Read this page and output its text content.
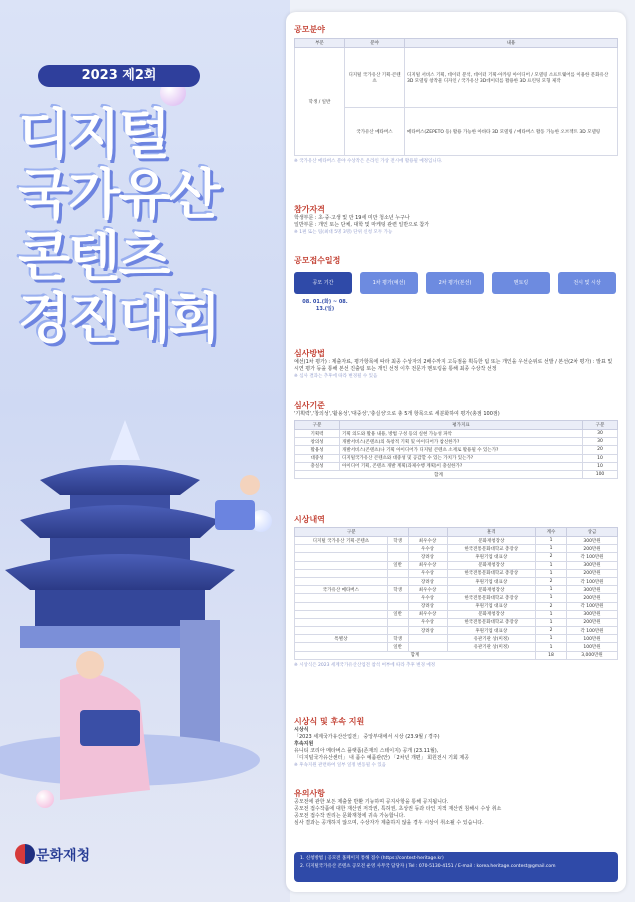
2023 제2회
디지털
국가유산
콘텐츠
경진대회
문화재청
공모분야
부문	분야	내용
학생 / 일반	디지털 국가유산 기획·콘텐츠	디지털 서비스 기획, 데이터 분석, 데이터 기획·아카링 아이디어 / 모델링 소프트웨어를 이용한 문화유산 3D 모델링 창작물 디자인 / 국가유산 3D데이터를 활용한 3D 프린팅 모형 제작
	국가유산 메타버스	메타버스(ZEPETO 등) 활용 가능한 아바타 3D 모델링 / 메타버스 활동 가능한 오브젝트 3D 모델링
※ 국가유산 메타버스 분야 수상작은 온라인 가상 전시에 활용될 예정입니다.
참가자격
학생부문 : 초·중·고생 및 만 19세 미만 청소년 누구나
일반부문 : 개인 또는 단체, 대학 및 마케팅 관련 일반으로 참가
※ 1편 또는 팀(최대 5명 3명) 단위 신청 모두 가능
공모접수일정
공모 기간	1차 평가(예선)	2차 평가(본선)	멘토링	전시 및 시상
08. 01.(화) ~ 08. 13.(일)
심사방법
예선(1차 평가) : 제출자료, 평가항목에 따라 최종 수상자의 2배수까지 고득점을 획득한 팀 또는 개인을 우선순위로 선발 / 본선(2차 평가) : 발표 및 시연 평가 등을 통해 본선 진출팀 또는 개인 선정 이후 전문가 멘토링을 통해 최종 수상작 선정
※ 심사 결과는 추후에 따라 변경될 수 있음
심사기준
'기획력','창의성','활용성','대중성','충실성'으로 총 5개 항목으로 세분화하여 평가(총점 100점)
구분	평가지표	구분
기획력	기획 의도와 활용 내용, 방법 구성 등의 실현 가능성 파악	30
창의성	개발서비스(콘텐츠)의 독창적 기획 및 아이디어가 참신한가?	30
활용성	개발서비스(콘텐츠)나 기획 아이디어가 디지털 콘텐츠 소재로 활용될 수 있는가?	20
대중성	디지털국가유산 콘텐츠와 대중성 및 공감할 수 있는 가치가 있는가?	10
충실성	아이디어 기획, 콘텐츠 개발 계획(과제수행 계획)이 충실한가?	10
합계		100
시상내역
구분			훈격	계수	상금
디지털 국가유산 기획·콘텐츠	학생	최우수상	문화재청장상	1	300만원
		우수상	한국전통문화대학교 총장상	1	200만원
		장려상	후원기업 대표상	2	각 100만원
	일반	최우수상	문화재청장상	1	300만원
		우수상	한국전통문화대학교 총장상	1	200만원
		장려상	후원기업 대표상	2	각 100만원
국가유산 메타버스	학생	최우수상	문화재청장상	1	300만원
		우수상	한국전통문화대학교 총장상	1	200만원
		장려상	후원기업 대표상	2	각 100만원
	일반	최우수상	문화재청장상	1	300만원
		우수상	한국전통문화대학교 총장상	1	200만원
		장려상	후원기업 대표상	2	각 100만원
특별상	학생		유관기관 상(미정)	1	100만원
	일반		유관기관 상(미정)	1	100만원
합계				18	3,000만원
※ 시상식은 2023 세계국가유산산업전 참석 여부에 따라 추후 변경 예정
시상식 및 후속 지원
시상식
「2023 세계국가유산산업전」 중앙부대에서 시상 (23.9월 / 경주)
후속지원
유니티 코리아 메타버스 플랫폼(존재의 스테이지) 공개 (23.11월),
「디지털국가유산센터」 내 품수 예품관(안) 「2차년 개편」 회원전시 기회 제공
※ 후속지원 관련하여 일부 일정 변동될 수 있음
유의사항
공모전에 관한 보든 제출물 반환 기능하며 공지사항을 통해 공지됩니다.
공모전 접수작품에 대한 재산권 저작권, 특허권, 초상권 등과 타인 지적 재산권 침해시 수상 취소
공모전 접수작 권리는 문화재청에 귀속 가능합니다.
심사 결과는 공개하지 않으며, 수상자가 제출하지 않을 경우 시상이 취소될 수 있습니다.
1. 신청방법 | 공모전 홈페이지 통해 접수 (https://contest-heritage.kr)
2. 디지털국가유산 콘텐츠 공모전 운영 사무국 담당자 | Tel : 070-5130-4151 / E-mail : korea.heritage.contest@gmail.com
